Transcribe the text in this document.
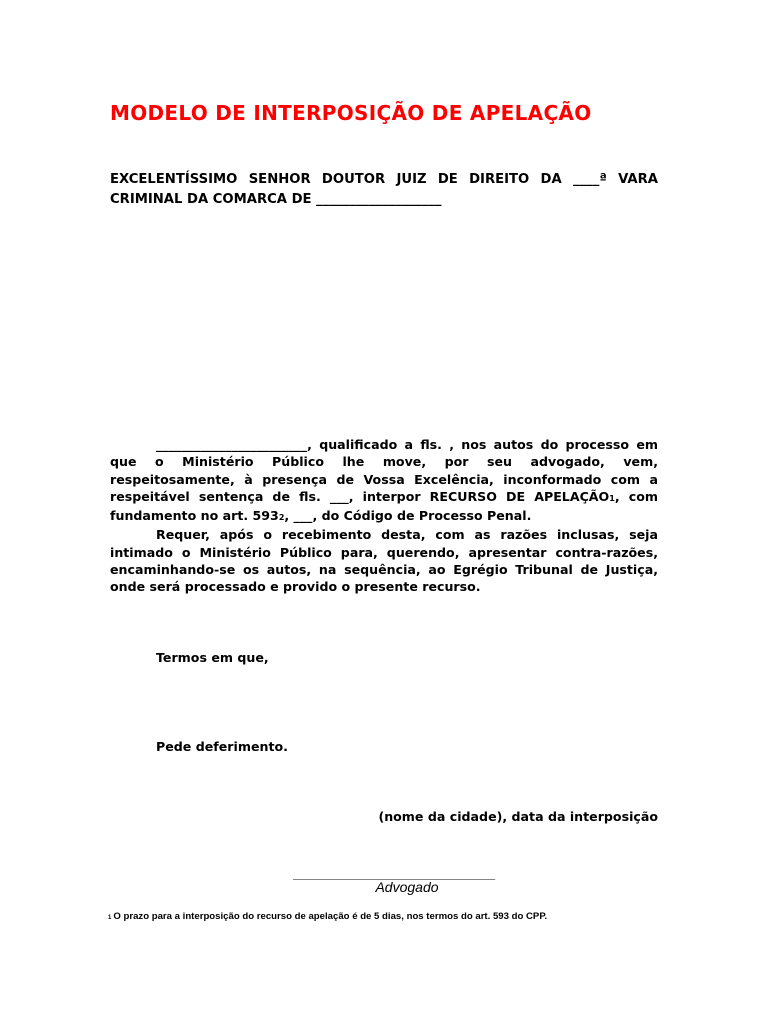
MODELO DE INTERPOSIÇÃO DE APELAÇÃO
EXCELENTÍSSIMO SENHOR DOUTOR JUIZ DE DIREITO DA ____ª VARA CRIMINAL DA COMARCA DE ___________________

________________________, qualificado a fls. , nos autos do processo em que o Ministério Público lhe move, por seu advogado, vem, respeitosamente, à presença de Vossa Excelência, inconformado com a respeitável sentença de fls. ___, interpor RECURSO DE APELAÇÃO1, com fundamento no art. 5932, ___, do Código de Processo Penal.

Requer, após o recebimento desta, com as razões inclusas, seja intimado o Ministério Público para, querendo, apresentar contra-razões, encaminhando-se os autos, na sequência, ao Egrégio Tribunal de Justiça, onde será processado e provido o presente recurso.

Termos em que,
Pede deferimento.
(nome da cidade), data da interposição
______________________________
Advogado
1 O prazo para a interposição do recurso de apelação é de 5 dias, nos termos do art. 593 do CPP.
